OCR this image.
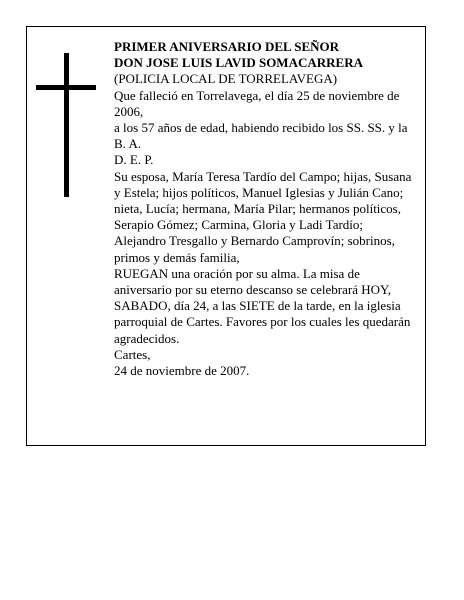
PRIMER ANIVERSARIO DEL SEÑOR
DON JOSE LUIS LAVID SOMACARRERA
(POLICIA LOCAL DE TORRELAVEGA)
Que falleció en Torrelavega, el día 25 de noviembre de 2006,
a los 57 años de edad, habiendo recibido los SS. SS. y la B. A.
D. E. P.
Su esposa, María Teresa Tardío del Campo; hijas, Susana y Estela; hijos políticos, Manuel Iglesias y Julián Cano; nieta, Lucía; hermana, María Pilar; hermanos políticos, Serapio Gómez; Carmina, Gloria y Ladi Tardío; Alejandro Tresgallo y Bernardo Camprovín; sobrinos, primos y demás familia,
RUEGAN una oración por su alma. La misa de aniversario por su eterno descanso se celebrará HOY, SABADO, día 24, a las SIETE de la tarde, en la iglesia parroquial de Cartes. Favores por los cuales les quedarán agradecidos.
Cartes,
24 de noviembre de 2007.
